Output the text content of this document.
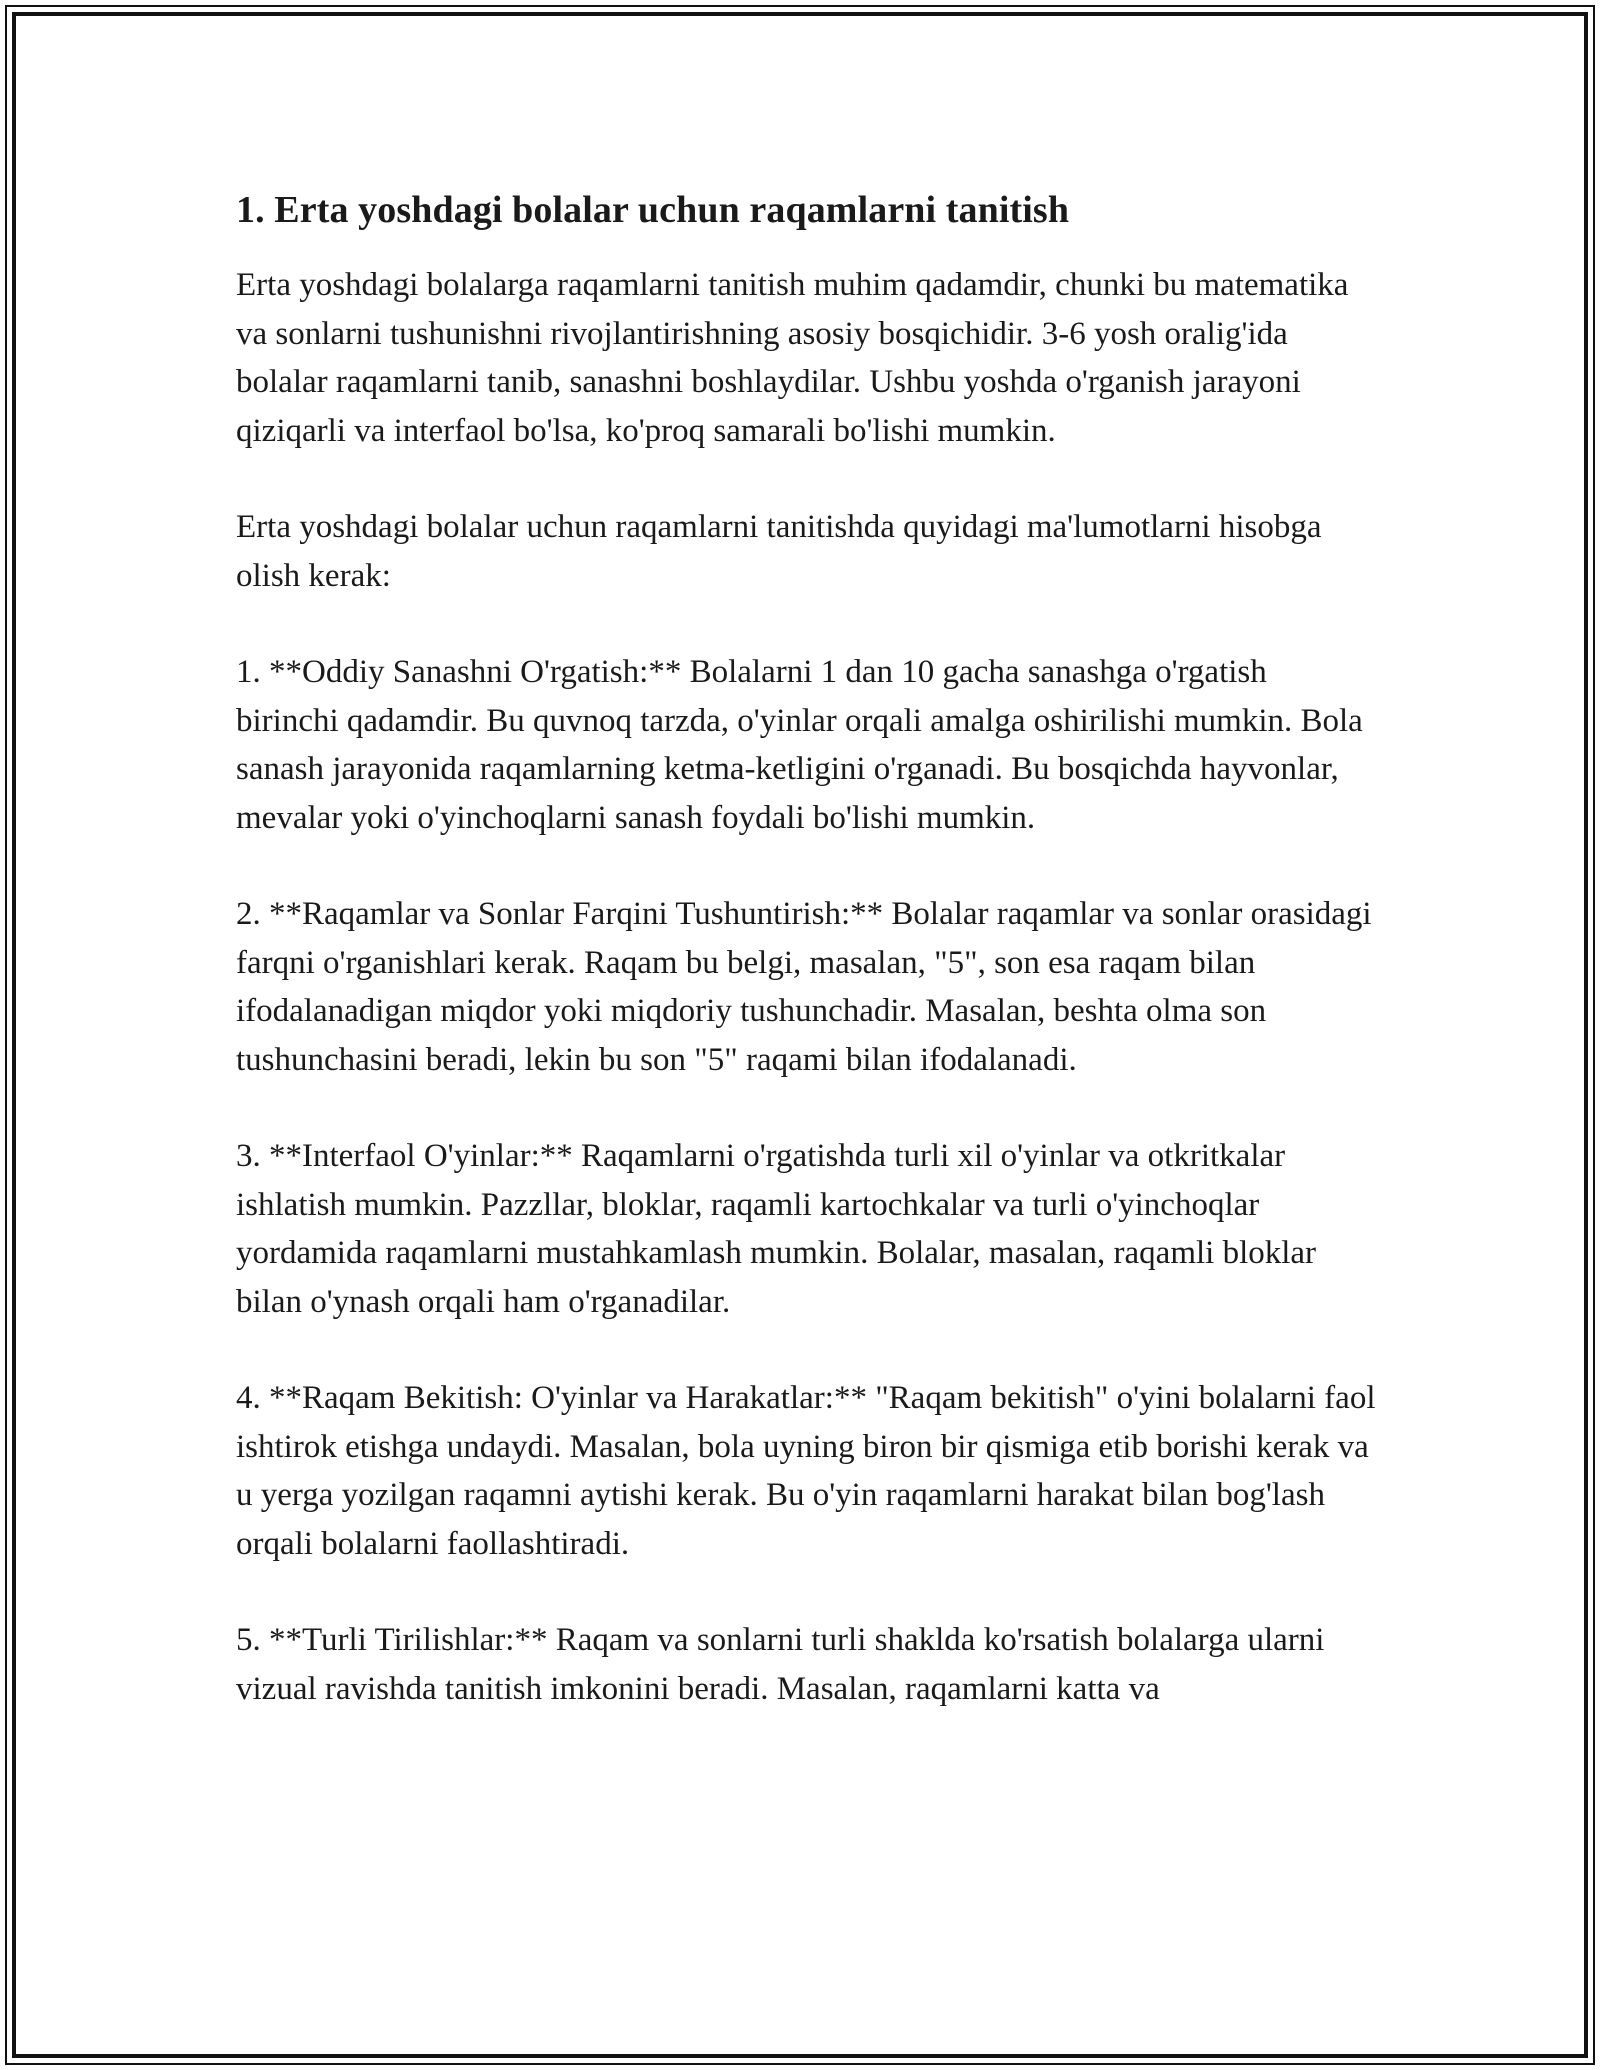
1. Erta yoshdagi bolalar uchun raqamlarni tanitish

Erta yoshdagi bolalarga raqamlarni tanitish muhim qadamdir, chunki bu matematika va sonlarni tushunishni rivojlantirishning asosiy bosqichidir. 3-6 yosh oralig'ida bolalar raqamlarni tanib, sanashni boshlaydilar. Ushbu yoshda o'rganish jarayoni qiziqarli va interfaol bo'lsa, ko'proq samarali bo'lishi mumkin.

Erta yoshdagi bolalar uchun raqamlarni tanitishda quyidagi ma'lumotlarni hisobga olish kerak:

1. **Oddiy Sanashni O'rgatish:** Bolalarni 1 dan 10 gacha sanashga o'rgatish birinchi qadamdir. Bu quvnoq tarzda, o'yinlar orqali amalga oshirilishi mumkin. Bola sanash jarayonida raqamlarning ketma-ketligini o'rganadi. Bu bosqichda hayvonlar, mevalar yoki o'yinchoqlarni sanash foydali bo'lishi mumkin.

2. **Raqamlar va Sonlar Farqini Tushuntirish:** Bolalar raqamlar va sonlar orasidagi farqni o'rganishlari kerak. Raqam bu belgi, masalan, "5", son esa raqam bilan ifodalanadigan miqdor yoki miqdoriy tushunchadir. Masalan, beshta olma son tushunchasini beradi, lekin bu son "5" raqami bilan ifodalanadi.

3. **Interfaol O'yinlar:** Raqamlarni o'rgatishda turli xil o'yinlar va otkritkalar ishlatish mumkin. Pazzllar, bloklar, raqamli kartochkalar va turli o'yinchoqlar yordamida raqamlarni mustahkamlash mumkin. Bolalar, masalan, raqamli bloklar bilan o'ynash orqali ham o'rganadilar.

4. **Raqam Bekitish: O'yinlar va Harakatlar:** "Raqam bekitish" o'yini bolalarni faol ishtirok etishga undaydi. Masalan, bola uyning biron bir qismiga etib borishi kerak va u yerga yozilgan raqamni aytishi kerak. Bu o'yin raqamlarni harakat bilan bog'lash orqali bolalarni faollashtiradi.

5. **Turli Tirilishlar:** Raqam va sonlarni turli shaklda ko'rsatish bolalarga ularni vizual ravishda tanitish imkonini beradi. Masalan, raqamlarni katta va
